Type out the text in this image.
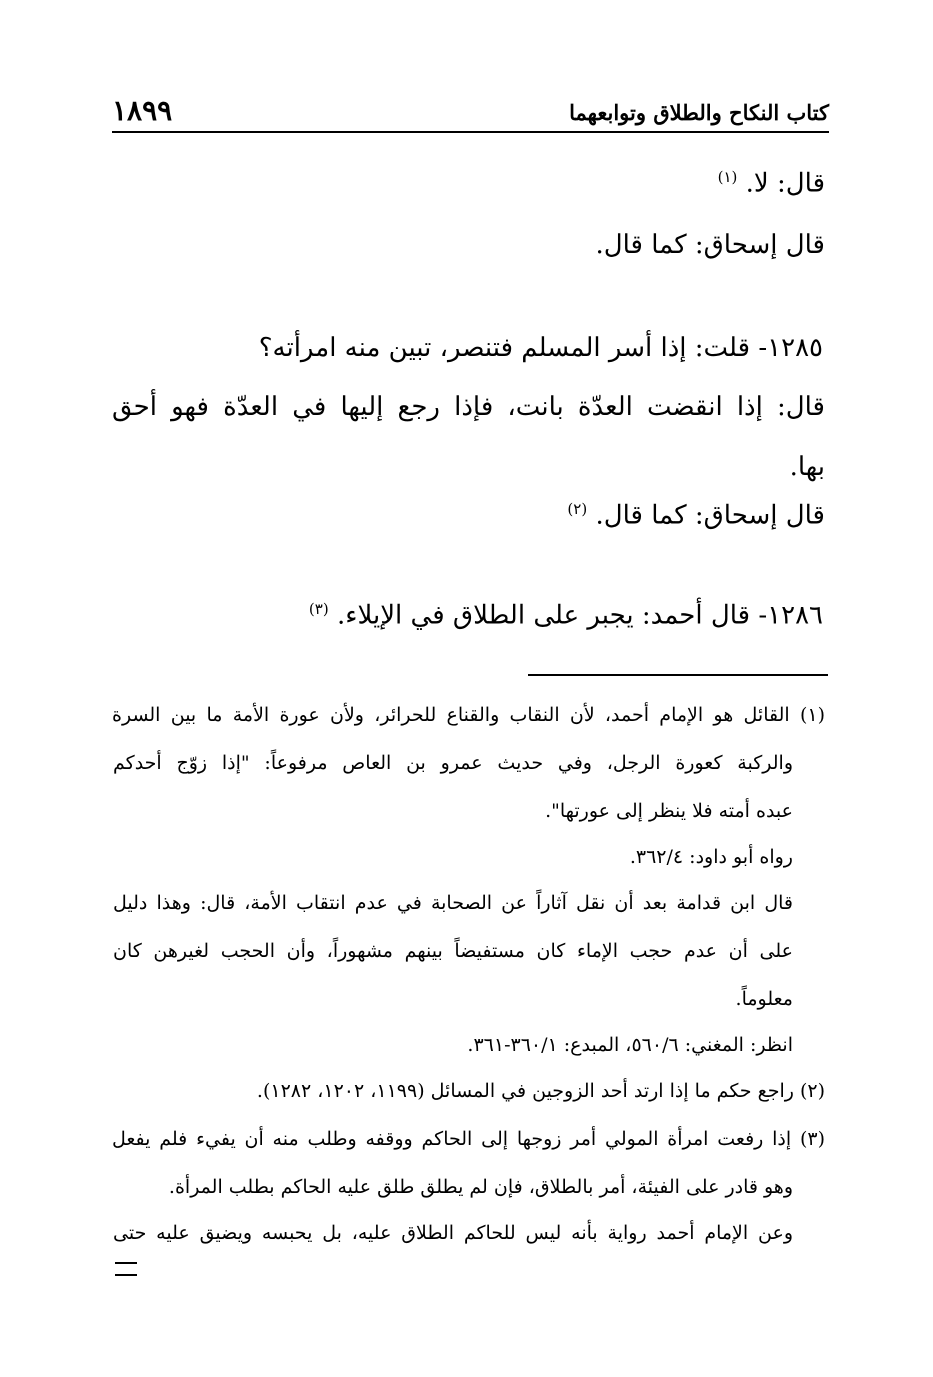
١٨٩٩	كتاب النكاح والطلاق وتوابعهما
قال: لا. $^{(١)}$
قال إسحاق: كما قال.
١٢٨٥- قلت: إذا أسر المسلم فتنصر، تبين منه امرأته؟
قال: إذا انقضت العدّة بانت، فإذا رجع إليها في العدّة فهو أحق
بها.
قال إسحاق: كما قال. $^{(٢)}$
١٢٨٦- قال أحمد: يجبر على الطلاق في الإيلاء. $^{(٣)}$
(١) القائل هو الإمام أحمد، لأن النقاب والقناع للحرائر، ولأن عورة الأمة ما بين السرة
والركبة كعورة الرجل، وفي حديث عمرو بن العاص مرفوعاً: "إذا زوّج أحدكم
عبده أمته فلا ينظر إلى عورتها".
رواه أبو داود: ٣٦٢/٤.
قال ابن قدامة بعد أن نقل آثاراً عن الصحابة في عدم انتقاب الأمة، قال: وهذا دليل
على أن عدم حجب الإماء كان مستفيضاً بينهم مشهوراً، وأن الحجب لغيرهن كان
معلوماً.
انظر: المغني: ٥٦٠/٦، المبدع: ٣٦٠/١-٣٦١.
(٢) راجع حكم ما إذا ارتد أحد الزوجين في المسائل (١١٩٩، ١٢٠٢، ١٢٨٢).
(٣) إذا رفعت امرأة المولي أمر زوجها إلى الحاكم ووقفه وطلب منه أن يفيء فلم يفعل
وهو قادر على الفيئة، أمر بالطلاق، فإن لم يطلق طلق عليه الحاكم بطلب المرأة.
وعن الإمام أحمد رواية بأنه ليس للحاكم الطلاق عليه، بل يحبسه ويضيق عليه حتى
